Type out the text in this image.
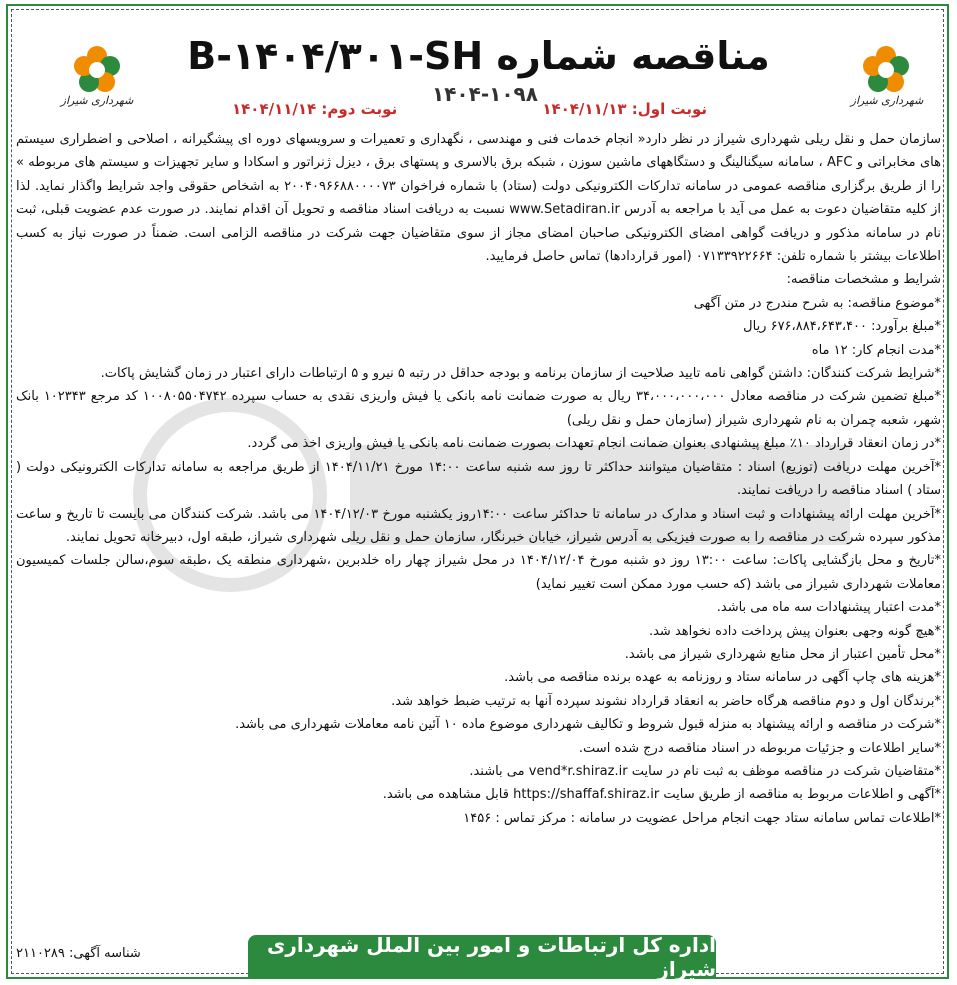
شهرداری شیراز
شهرداری شیراز
مناقصه شماره B-۱۴۰۴/۳۰۱-SH
۱۴۰۴-۱۰۹۸
نوبت اول: ۱۴۰۴/۱۱/۱۳
نوبت دوم: ۱۴۰۴/۱۱/۱۴

سازمان حمل و نقل ریلی شهرداری شیراز در نظر دارد« انجام خدمات فنی و مهندسی ، نگهداری و تعمیرات و سرویسهای دوره ای پیشگیرانه ، اصلاحی و اضطراری سیستم های مخابراتی و AFC ، سامانه سیگنالینگ و دستگاههای ماشین سوزن ، شبکه برق بالاسری و پستهای برق ، دیزل ژنراتور و اسکادا و سایر تجهیزات و سیستم های مربوطه » را از طریق برگزاری مناقصه عمومی در سامانه تدارکات الکترونیکی دولت (ستاد) با شماره فراخوان ۲۰۰۴۰۹۶۶۸۸۰۰۰۰۷۳ به اشخاص حقوقی واجد شرایط واگذار نماید. لذا از کلیه متقاضیان دعوت به عمل می آید با مراجعه به آدرس www.Setadiran.ir نسبت به دریافت اسناد مناقصه و تحویل آن اقدام نمایند. در صورت عدم عضویت قبلی، ثبت نام در سامانه مذکور و دریافت گواهی امضای الکترونیکی صاحبان امضای مجاز از سوی متقاضیان جهت شرکت در مناقصه الزامی است. ضمناً در صورت نیاز به کسب اطلاعات بیشتر با شماره تلفن: ۰۷۱۳۳۹۲۲۶۶۴ (امور قراردادها) تماس حاصل فرمایید.

شرایط و مشخصات مناقصه:

*موضوع مناقصه: به شرح مندرج در متن آگهی

*مبلغ برآورد: ۶۷۶،۸۸۴،۶۴۳،۴۰۰ ریال

*مدت انجام کار: ۱۲ ماه

*شرایط شرکت کنندگان: داشتن گواهی نامه تایید صلاحیت از سازمان برنامه و بودجه حداقل در رتبه ۵ نیرو و ۵ ارتباطات دارای اعتبار در زمان گشایش پاکات.

*مبلغ تضمین شرکت در مناقصه معادل ۳۴،۰۰۰،۰۰۰،۰۰۰ ریال به صورت ضمانت نامه بانکی یا فیش واریزی نقدی به حساب سپرده ۱۰۰۸۰۵۵۰۴۷۴۲ کد مرجع ۱۰۲۳۴۳ بانک شهر، شعبه چمران به نام شهرداری شیراز (سازمان حمل و نقل ریلی)

*در زمان انعقاد قرارداد ۱۰٪ مبلغ پیشنهادی بعنوان ضمانت انجام تعهدات بصورت ضمانت نامه بانکی یا فیش واریزی اخذ می گردد.

*آخرین مهلت دریافت (توزیع) اسناد : متقاضیان میتوانند حداکثر تا روز سه شنبه ساعت ۱۴:۰۰ مورخ ۱۴۰۴/۱۱/۲۱ از طریق مراجعه به سامانه تدارکات الکترونیکی دولت ( ستاد ) اسناد مناقصه را دریافت نمایند.

*آخرین مهلت ارائه پیشنهادات و ثبت اسناد و مدارک در سامانه تا حداکثر ساعت ۱۴:۰۰روز یکشنبه مورخ ۱۴۰۴/۱۲/۰۳ می باشد. شرکت کنندگان می بایست تا تاریخ و ساعت مذکور سپرده شرکت در مناقصه را به صورت فیزیکی به آدرس شیراز، خیابان خبرنگار، سازمان حمل و نقل ریلی شهرداری شیراز، طبقه اول، دبیرخانه تحویل نمایند.

*تاریخ و محل بازگشایی پاکات: ساعت ۱۳:۰۰ روز دو شنبه مورخ ۱۴۰۴/۱۲/۰۴ در محل شیراز چهار راه خلدبرین ،شهرداری منطقه یک ،طبقه سوم،سالن جلسات کمیسیون معاملات شهرداری شیراز می باشد (که حسب مورد ممکن است تغییر نماید)

*مدت اعتبار پیشنهادات سه ماه می باشد.

*هیچ گونه وجهی بعنوان پیش پرداخت داده نخواهد شد.

*محل تأمین اعتبار از محل منابع شهرداری شیراز می باشد.

*هزینه های چاپ آگهی در سامانه ستاد و روزنامه به عهده برنده مناقصه می باشد.

*برندگان اول و دوم مناقصه هرگاه حاضر به انعقاد قرارداد نشوند سپرده آنها به ترتیب ضبط خواهد شد.

*شرکت در مناقصه و ارائه پیشنهاد به منزله قبول شروط و تکالیف شهرداری موضوع ماده ۱۰ آئین نامه معاملات شهرداری می باشد.

*سایر اطلاعات و جزئیات مربوطه در اسناد مناقصه درج شده است.

*متقاضیان شرکت در مناقصه موظف به ثبت نام در سایت vend*r.shiraz.ir می باشند.

*آگهی و اطلاعات مربوط به مناقصه از طریق سایت https://shaffaf.shiraz.ir قابل مشاهده می باشد.

*اطلاعات تماس سامانه ستاد جهت انجام مراحل عضویت در سامانه : مرکز تماس : ۱۴۵۶

شناسه آگهی: ۲۱۱۰۲۸۹	اداره کل ارتباطات و امور بین الملل شهرداری شیراز
